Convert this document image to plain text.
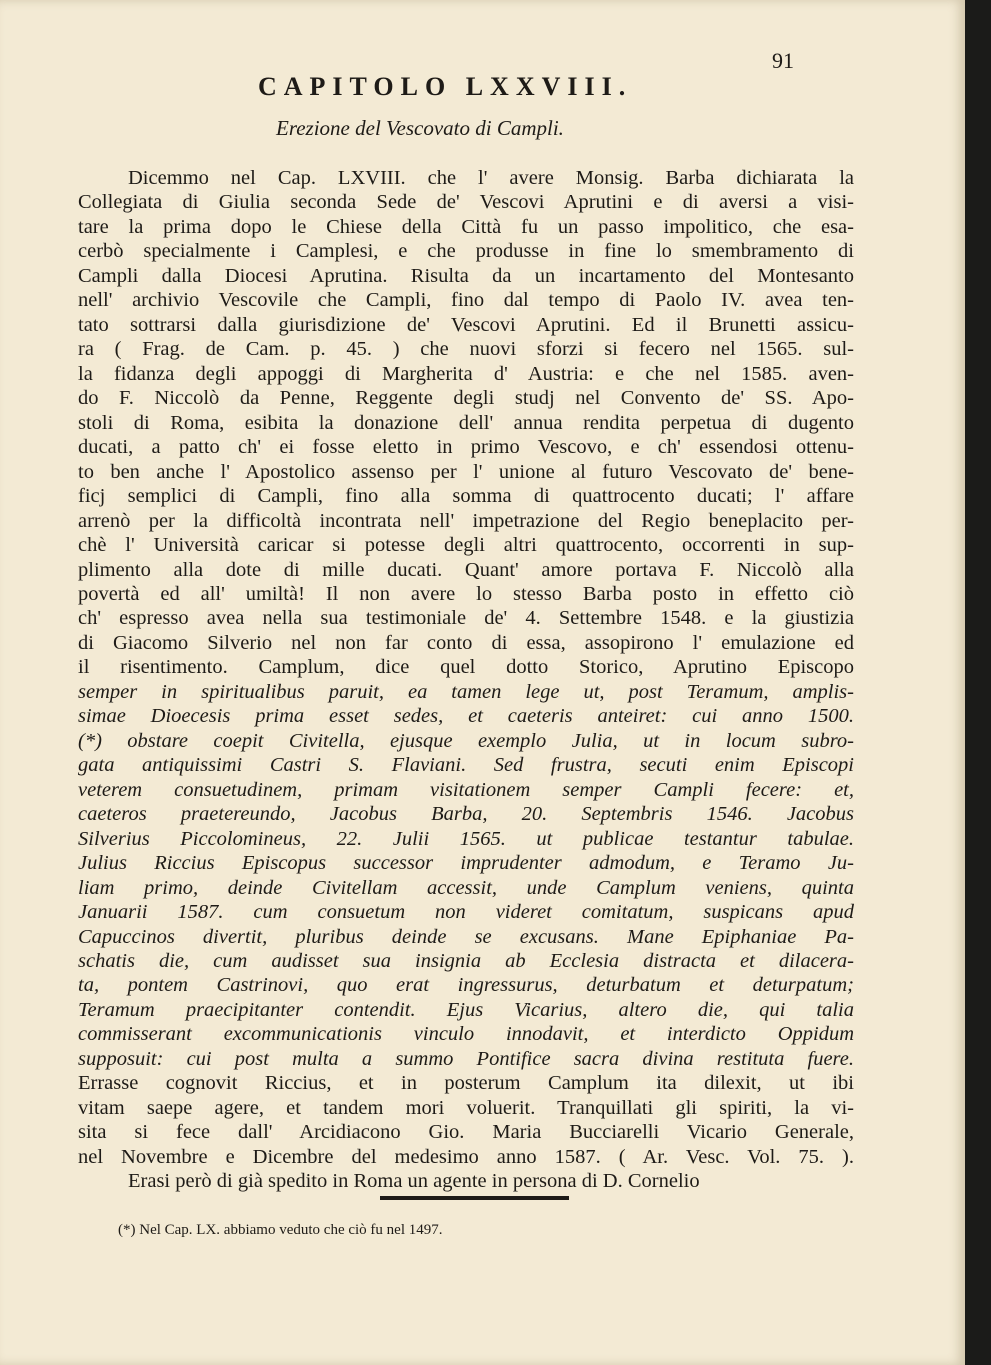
91
CAPITOLO LXXVIII.
Erezione del Vescovato di Campli.
Dicemmo nel Cap. LXVIII. che l' avere Monsig. Barba dichiarata la
Collegiata di Giulia seconda Sede de' Vescovi Aprutini e di aversi a visi-
tare la prima dopo le Chiese della Città fu un passo impolitico, che esa-
cerbò specialmente i Camplesi, e che produsse in fine lo smembramento di
Campli dalla Diocesi Aprutina. Risulta da un incartamento del Montesanto
nell' archivio Vescovile che Campli, fino dal tempo di Paolo IV. avea ten-
tato sottrarsi dalla giurisdizione de' Vescovi Aprutini. Ed il Brunetti assicu-
ra ( Frag. de Cam. p. 45. ) che nuovi sforzi si fecero nel 1565. sul-
la fidanza degli appoggi di Margherita d' Austria: e che nel 1585. aven-
do F. Niccolò da Penne, Reggente degli studj nel Convento de' SS. Apo-
stoli di Roma, esibita la donazione dell' annua rendita perpetua di dugento
ducati, a patto ch' ei fosse eletto in primo Vescovo, e ch' essendosi ottenu-
to ben anche l' Apostolico assenso per l' unione al futuro Vescovato de' bene-
ficj semplici di Campli, fino alla somma di quattrocento ducati; l' affare
arrenò per la difficoltà incontrata nell' impetrazione del Regio beneplacito per-
chè l' Università caricar si potesse degli altri quattrocento, occorrenti in sup-
plimento alla dote di mille ducati. Quant' amore portava F. Niccolò alla
povertà ed all' umiltà! Il non avere lo stesso Barba posto in effetto ciò
ch' espresso avea nella sua testimoniale de' 4. Settembre 1548. e la giustizia
di Giacomo Silverio nel non far conto di essa, assopirono l' emulazione ed
il risentimento. Camplum, dice quel dotto Storico, Aprutino Episcopo
semper in spiritualibus paruit, ea tamen lege ut, post Teramum, amplis-
simae Dioecesis prima esset sedes, et caeteris anteiret: cui anno 1500.
(*) obstare coepit Civitella, ejusque exemplo Julia, ut in locum subro-
gata antiquissimi Castri S. Flaviani. Sed frustra, secuti enim Episcopi
veterem consuetudinem, primam visitationem semper Campli fecere: et,
caeteros praetereundo, Jacobus Barba, 20. Septembris 1546. Jacobus
Silverius Piccolomineus, 22. Julii 1565. ut publicae testantur tabulae.
Julius Riccius Episcopus successor imprudenter admodum, e Teramo Ju-
liam primo, deinde Civitellam accessit, unde Camplum veniens, quinta
Januarii 1587. cum consuetum non videret comitatum, suspicans apud
Capuccinos divertit, pluribus deinde se excusans. Mane Epiphaniae Pa-
schatis die, cum audisset sua insignia ab Ecclesia distracta et dilacera-
ta, pontem Castrinovi, quo erat ingressurus, deturbatum et deturpatum;
Teramum praecipitanter contendit. Ejus Vicarius, altero die, qui talia
commisserant excommunicationis vinculo innodavit, et interdicto Oppidum
supposuit: cui post multa a summo Pontifice sacra divina restituta fuere.
Errasse cognovit Riccius, et in posterum Camplum ita dilexit, ut ibi
vitam saepe agere, et tandem mori voluerit. Tranquillati gli spiriti, la vi-
sita si fece dall' Arcidiacono Gio. Maria Bucciarelli Vicario Generale,
nel Novembre e Dicembre del medesimo anno 1587. ( Ar. Vesc. Vol. 75. ).
Erasi però di già spedito in Roma un agente in persona di D. Cornelio
(*) Nel Cap. LX. abbiamo veduto che ciò fu nel 1497.
